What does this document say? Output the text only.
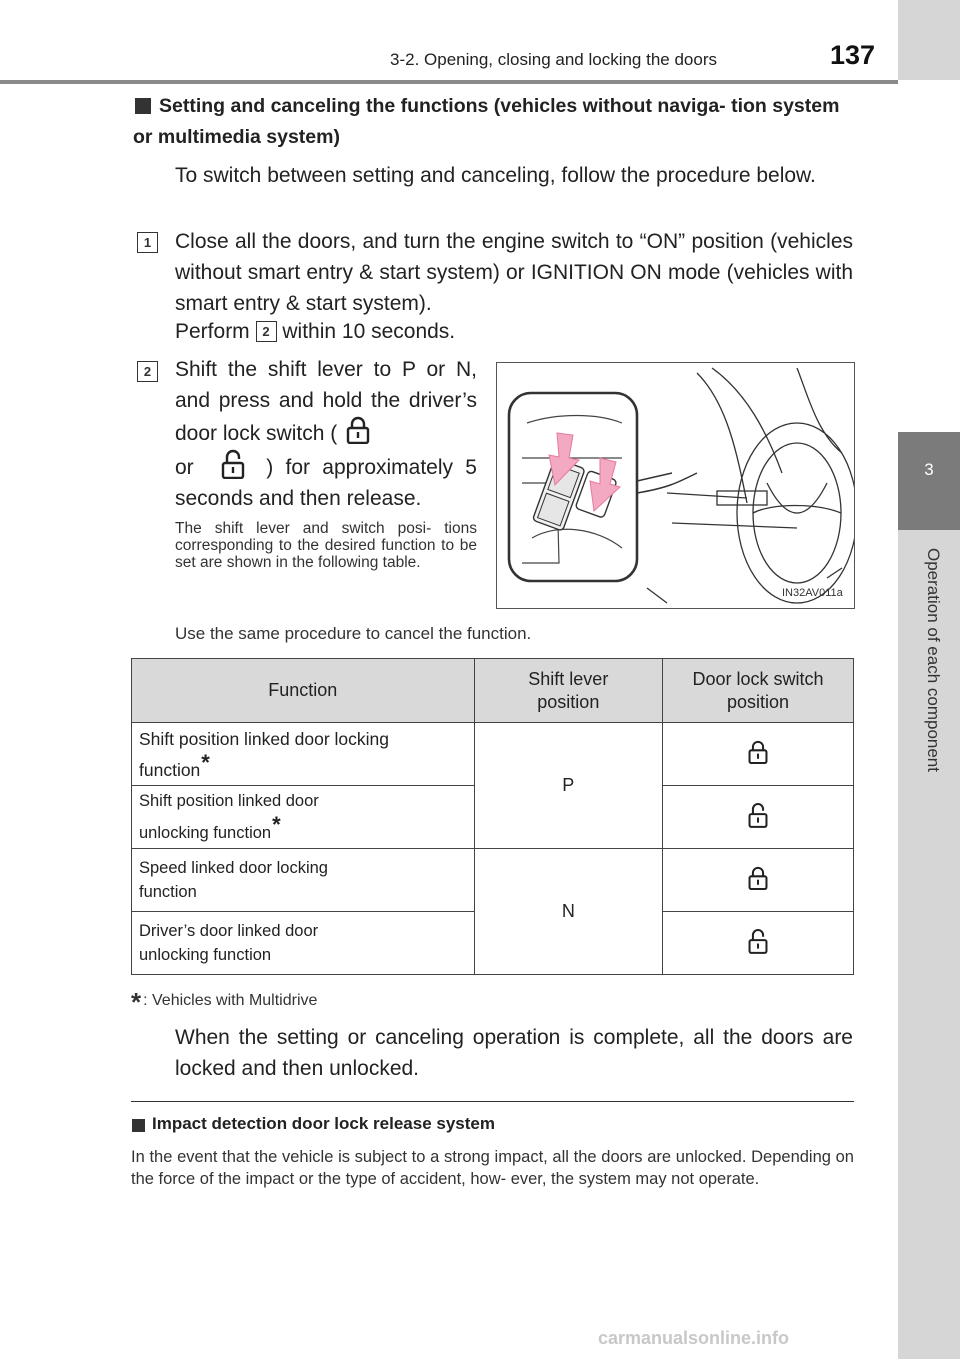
3-2. Opening, closing and locking the doors	137
3
Operation of each component
Setting and canceling the functions (vehicles without naviga- tion system or multimedia system)
To switch between setting and canceling, follow the procedure below.
1	Close all the doors, and turn the engine switch to “ON” position (vehicles without smart entry & start system) or IGNITION ON mode (vehicles with smart entry & start system).
Perform 2 within 10 seconds.
2	Shift the shift lever to P or N, and press and hold the driver’s door lock switch (
or	) for approximately 5 seconds and then release.
The shift lever and switch posi- tions corresponding to the desired function to be set are shown in the following table.
Use the same procedure to cancel the function.
IN32AV011a
Function	Shift lever position	Door lock switch position

Shift position linked door locking function*	P	

Shift position linked door unlocking function*

Speed linked door locking function	N	

Driver’s door linked door unlocking function

* : Vehicles with Multidrive
When the setting or canceling operation is complete, all the doors are locked and then unlocked.
Impact detection door lock release system
In the event that the vehicle is subject to a strong impact, all the doors are unlocked. Depending on the force of the impact or the type of accident, how- ever, the system may not operate.
carmanualsonline.info
